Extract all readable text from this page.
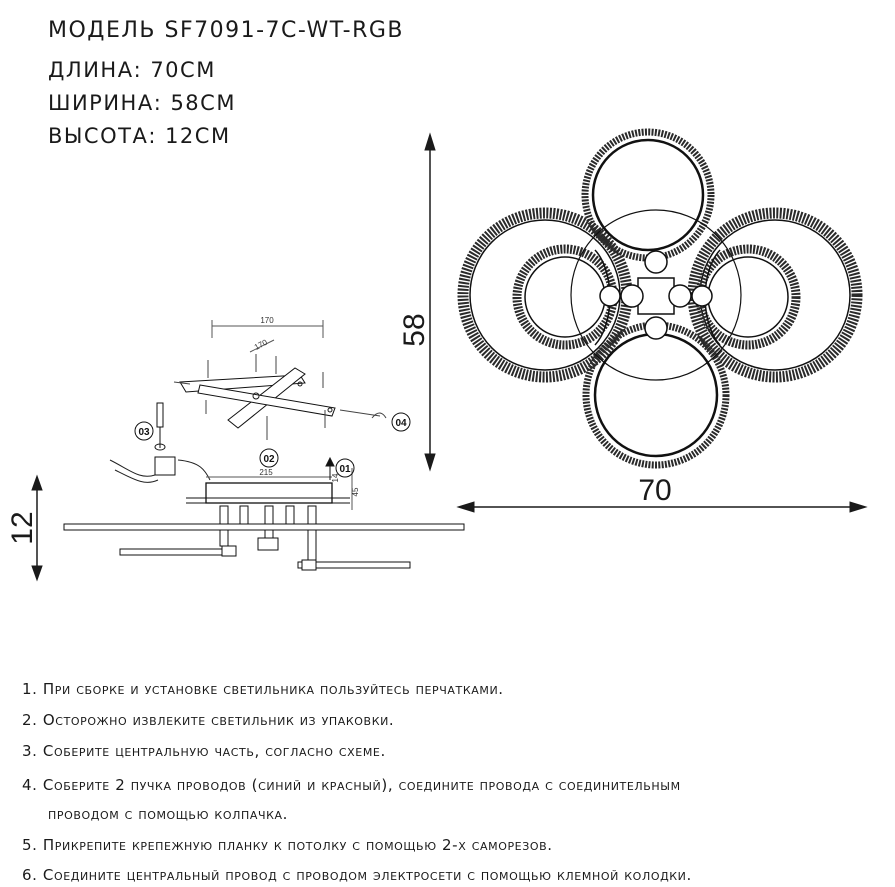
МОДЕЛЬ SF7091-7C-WT-RGB
ДЛИНА: 70СМ
ШИРИНА: 58СМ
ВЫСОТА: 12СМ
58
70
12
170
170
215
45
14
01
02
03
04
1. При сборке и установке светильника пользуйтесь перчатками.
2. Осторожно извлеките светильник из упаковки.
3. Соберите центральную часть, согласно схеме.
4. Соберите 2 пучка проводов (синий и красный), соедините провода с соединительным
проводом с помощью колпачка.
5. Прикрепите крепежную планку к потолку с помощью 2-х саморезов.
6. Соедините центральный провод с проводом электросети с помощью клемной колодки.
